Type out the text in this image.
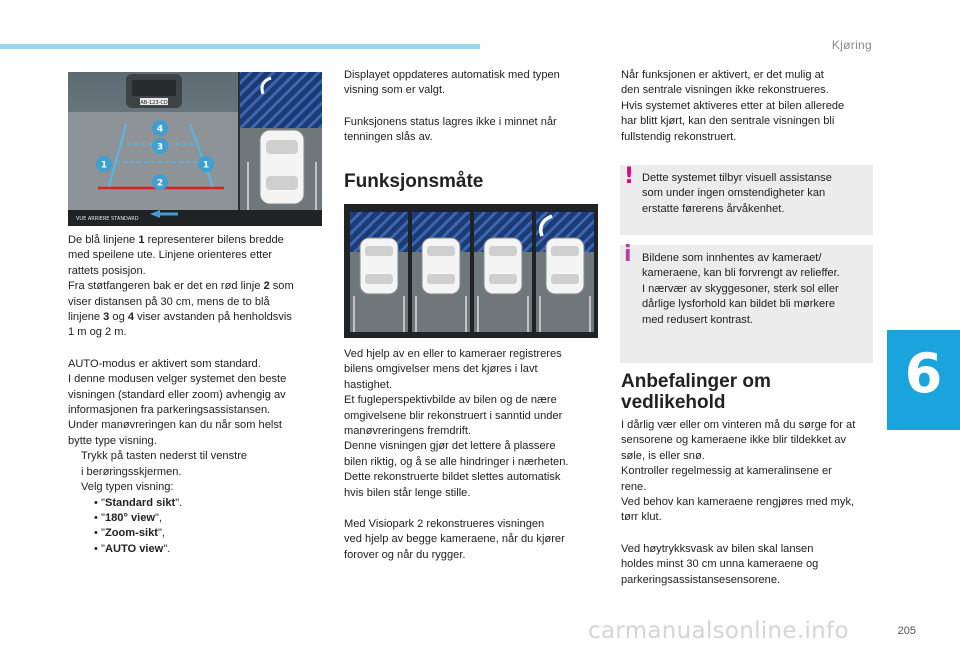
Kjøring
6
AB-123-CD
4
3
1	1
2
VUE ARRIERE STANDARD

De blå linjene 1 representerer bilens bredde
med speilene ute. Linjene orienteres etter
rattets posisjon.
Fra støtfangeren bak er det en rød linje 2 som
viser distansen på 30 cm, mens de to blå
linjene 3 og 4 viser avstanden på henholdsvis
1 m og 2 m.

AUTO-modus er aktivert som standard.
I denne modusen velger systemet den beste
visningen (standard eller zoom) avhengig av
informasjonen fra parkeringsassistansen.
Under manøvreringen kan du når som helst
bytte type visning.

Trykk på tasten nederst til venstre
i berøringsskjermen.
Velg typen visning:
• "Standard sikt".
• "180° view",
• "Zoom-sikt",
• "AUTO view".

Displayet oppdateres automatisk med typen
visning som er valgt.

Funksjonens status lagres ikke i minnet når
tenningen slås av.

Funksjonsmåte

Ved hjelp av en eller to kameraer registreres
bilens omgivelser mens det kjøres i lavt
hastighet.
Et fugleperspektivbilde av bilen og de nære
omgivelsene blir rekonstruert i sanntid under
manøvreringens fremdrift.
Denne visningen gjør det lettere å plassere
bilen riktig, og å se alle hindringer i nærheten.
Dette rekonstruerte bildet slettes automatisk
hvis bilen står lenge stille.

Med Visiopark 2 rekonstrueres visningen
ved hjelp av begge kameraene, når du kjører
forover og når du rygger.

Når funksjonen er aktivert, er det mulig at
den sentrale visningen ikke rekonstrueres.
Hvis systemet aktiveres etter at bilen allerede
har blitt kjørt, kan den sentrale visningen bli
fullstendig rekonstruert.

! Dette systemet tilbyr visuell assistanse
som under ingen omstendigheter kan
erstatte førerens årvåkenhet.

i Bildene som innhentes av kameraet/
kameraene, kan bli forvrengt av relieffer.
I nærvær av skyggesoner, sterk sol eller
dårlige lysforhold kan bildet bli mørkere
med redusert kontrast.

Anbefalinger om
vedlikehold

I dårlig vær eller om vinteren må du sørge for at
sensorene og kameraene ikke blir tildekket av
søle, is eller snø.
Kontroller regelmessig at kameralinsene er
rene.
Ved behov kan kameraene rengjøres med myk,
tørr klut.

Ved høytrykksvask av bilen skal lansen
holdes minst 30 cm unna kameraene og
parkeringsassistansesensorene.

carmanualsonline.info	205
